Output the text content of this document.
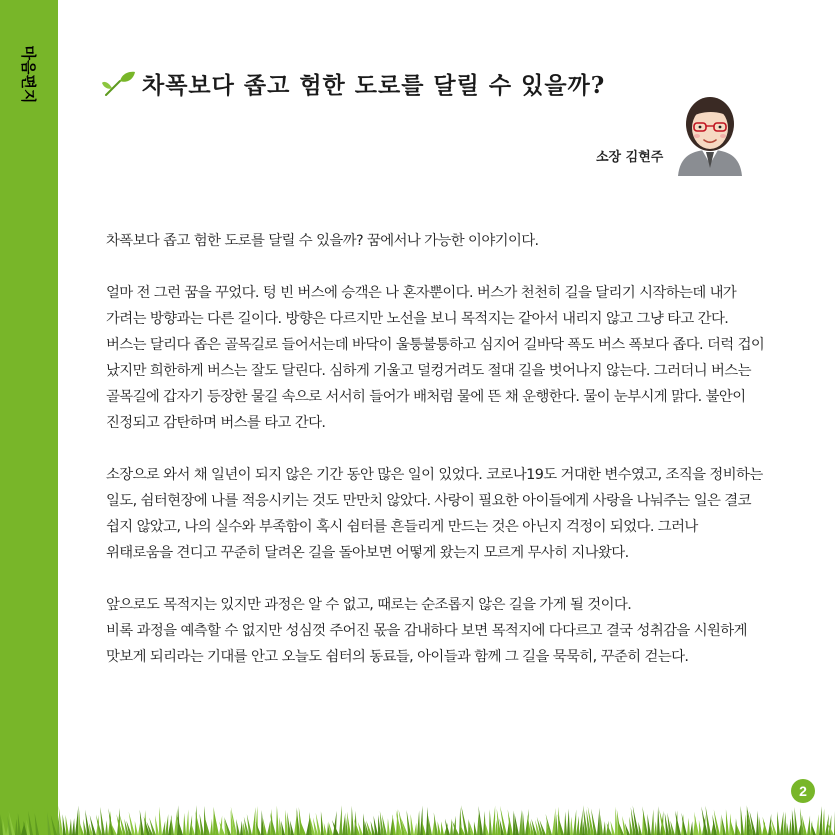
마음편지	차폭보다 좁고 험한 도로를 달릴 수 있을까?
소장 김현주

차폭보다 좁고 험한 도로를 달릴 수 있을까? 꿈에서나 가능한 이야기이다.

얼마 전 그런 꿈을 꾸었다. 텅 빈 버스에 승객은 나 혼자뿐이다. 버스가 천천히 길을 달리기 시작하는데 내가 가려는 방향과는 다른 길이다. 방향은 다르지만 노선을 보니 목적지는 같아서 내리지 않고 그냥 타고 간다. 버스는 달리다 좁은 골목길로 들어서는데 바닥이 울퉁불퉁하고 심지어 길바닥 폭도 버스 폭보다 좁다. 더럭 겁이 났지만 희한하게 버스는 잘도 달린다. 심하게 기울고 덜컹거려도 절대 길을 벗어나지 않는다. 그러더니 버스는 골목길에 갑자기 등장한 물길 속으로 서서히 들어가 배처럼 물에 뜬 채 운행한다. 물이 눈부시게 맑다. 불안이 진정되고 감탄하며 버스를 타고 간다.

소장으로 와서 채 일년이 되지 않은 기간 동안 많은 일이 있었다. 코로나19도 거대한 변수였고, 조직을 정비하는 일도, 쉼터현장에 나를 적응시키는 것도 만만치 않았다. 사랑이 필요한 아이들에게 사랑을 나눠주는 일은 결코 쉽지 않았고, 나의 실수와 부족함이 혹시 쉼터를 흔들리게 만드는 것은 아닌지 걱정이 되었다. 그러나 위태로움을 견디고 꾸준히 달려온 길을 돌아보면 어떻게 왔는지 모르게 무사히 지나왔다.

앞으로도 목적지는 있지만 과정은 알 수 없고, 때로는 순조롭지 않은 길을 가게 될 것이다.

비록 과정을 예측할 수 없지만 성심껏 주어진 몫을 감내하다 보면 목적지에 다다르고 결국 성취감을 시원하게 맛보게 되리라는 기대를 안고 오늘도 쉼터의 동료들, 아이들과 함께 그 길을 묵묵히, 꾸준히 걷는다.

2
